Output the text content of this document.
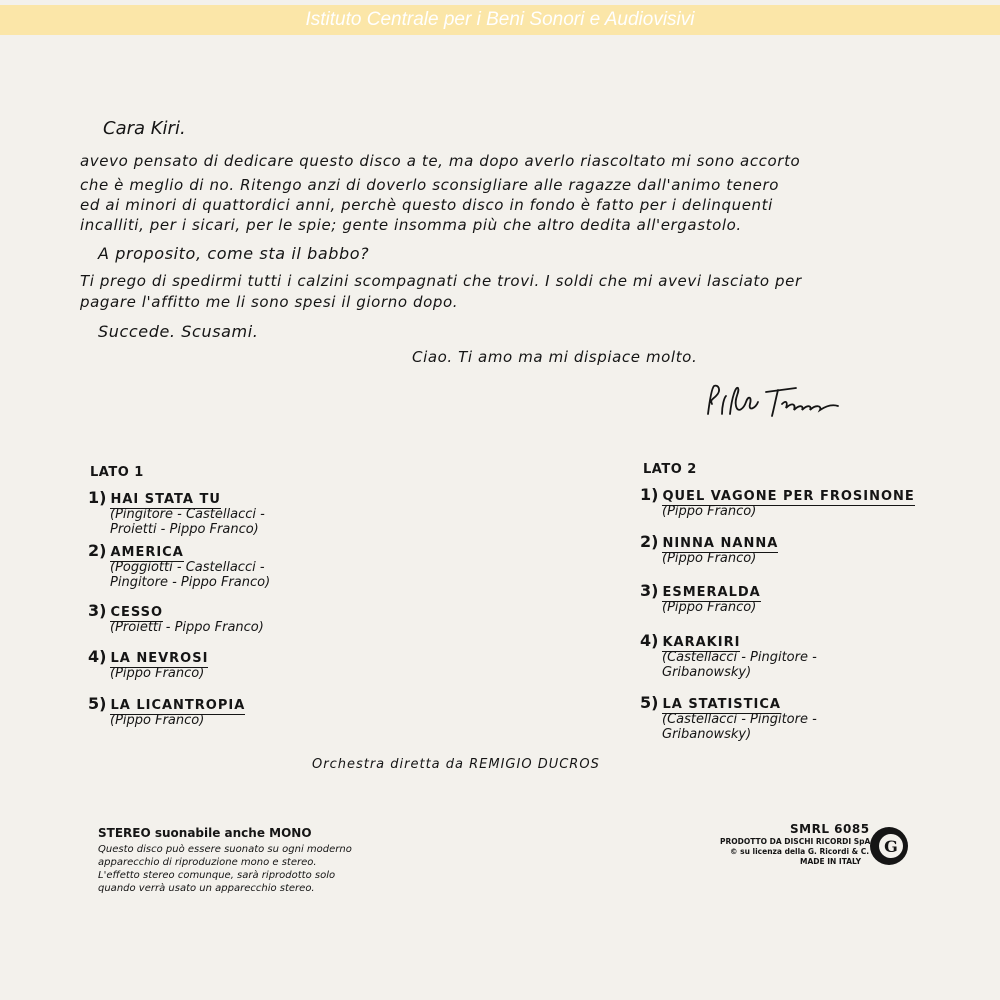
Istituto Centrale per i Beni Sonori e Audiovisivi
Cara Kiri.
avevo pensato di dedicare questo disco a te, ma dopo averlo riascoltato mi sono accorto
che è meglio di no. Ritengo anzi di doverlo sconsigliare alle ragazze dall'animo tenero
ed ai minori di quattordici anni, perchè questo disco in fondo è fatto per i delinquenti
incalliti, per i sicari, per le spie; gente insomma più che altro dedita all'ergastolo.
A proposito, come sta il babbo?
Ti prego di spedirmi tutti i calzini scompagnati che trovi. I soldi che mi avevi lasciato per
pagare l'affitto me li sono spesi il giorno dopo.
Succede. Scusami.
Ciao. Ti amo ma mi dispiace molto.
LATO 1
1) HAI STATA TU
(Pingitore - Castellacci - Proietti - Pippo Franco)
2) AMERICA
(Poggiotti - Castellacci - Pingitore - Pippo Franco)
3) CESSO
(Proietti - Pippo Franco)
4) LA NEVROSI
(Pippo Franco)
5) LA LICANTROPIA
(Pippo Franco)
LATO 2
1) QUEL VAGONE PER FROSINONE
(Pippo Franco)
2) NINNA NANNA
(Pippo Franco)
3) ESMERALDA
(Pippo Franco)
4) KARAKIRI
(Castellacci - Pingitore - Gribanowsky)
5) LA STATISTICA
(Castellacci - Pingitore - Gribanowsky)
Orchestra diretta da REMIGIO DUCROS
STEREO suonabile anche MONO
Questo disco può essere suonato su ogni moderno
apparecchio di riproduzione mono e stereo.
L'effetto stereo comunque, sarà riprodotto solo
quando verrà usato un apparecchio stereo.
SMRL 6085
PRODOTTO DA DISCHI RICORDI SpA
© su licenza della G. Ricordi & C.
MADE IN ITALY
G
